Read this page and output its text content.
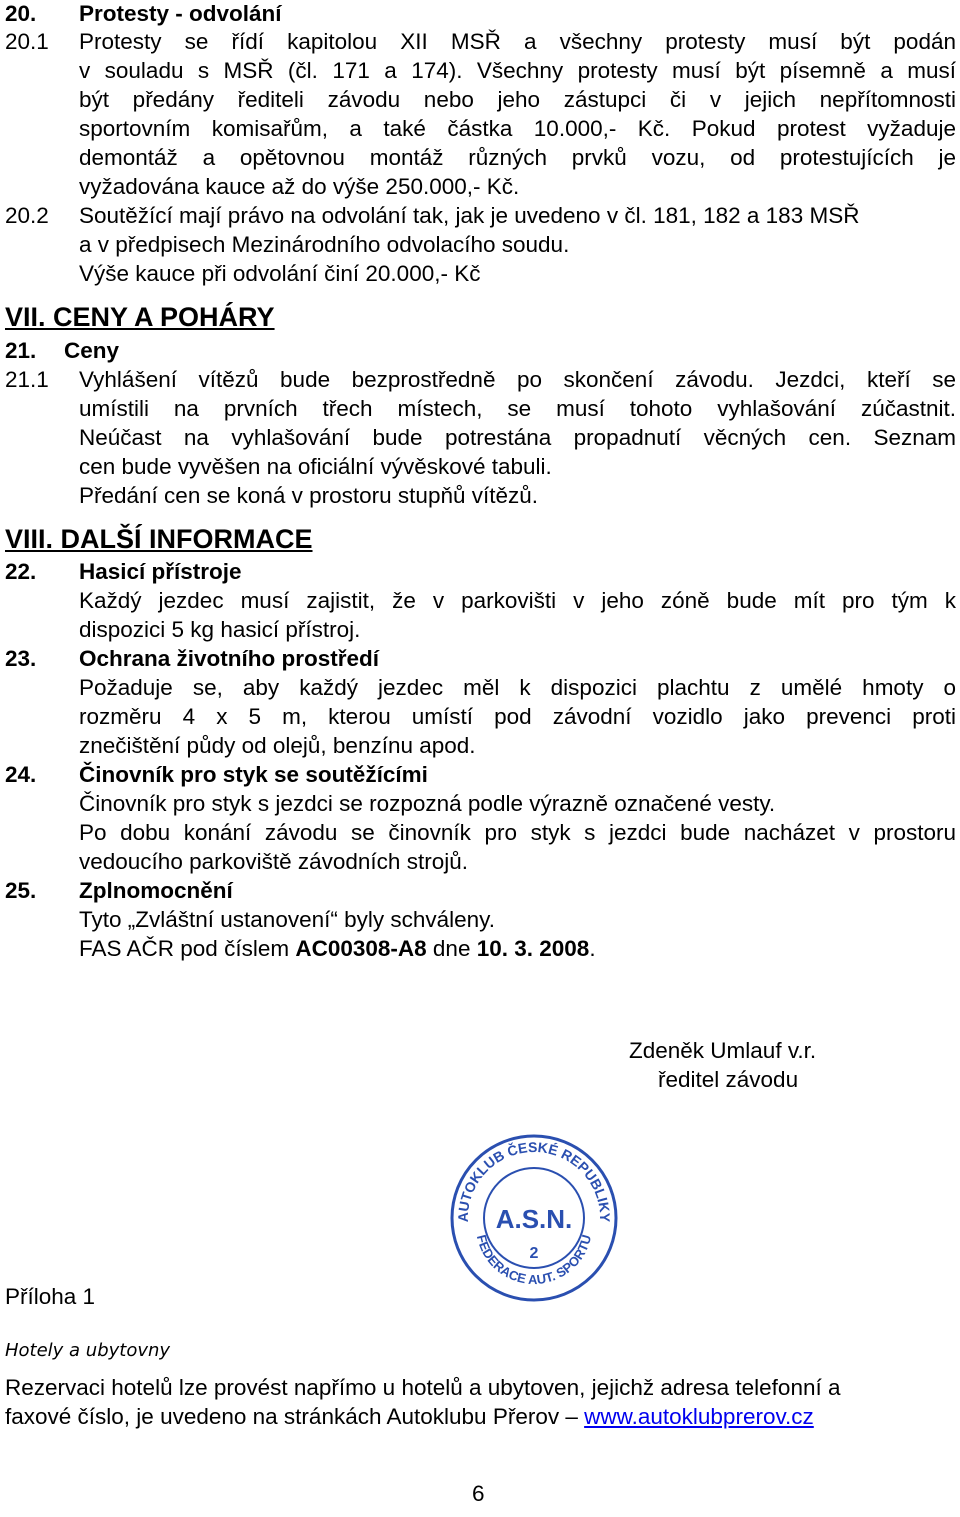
20. Protesty - odvolání
20.1 Protesty se řídí kapitolou XII MSŘ a všechny protesty musí být podán
v souladu s MSŘ (čl. 171 a 174). Všechny protesty musí být písemně a musí
být předány řediteli závodu nebo jeho zástupci či v jejich nepřítomnosti
sportovním komisařům, a také částka 10.000,- Kč. Pokud protest vyžaduje
demontáž a opětovnou montáž různých prvků vozu, od protestujících je
vyžadována kauce až do výše 250.000,- Kč.
20.2 Soutěžící mají právo na odvolání tak, jak je uvedeno v čl. 181, 182 a 183 MSŘ
a v předpisech Mezinárodního odvolacího soudu.
Výše kauce při odvolání činí 20.000,- Kč
VII. CENY A POHÁRY
21. Ceny
21.1 Vyhlášení vítězů bude bezprostředně po skončení závodu. Jezdci, kteří se
umístili na prvních třech místech, se musí tohoto vyhlašování zúčastnit.
Neúčast na vyhlašování bude potrestána propadnutí věcných cen. Seznam
cen bude vyvěšen na oficiální vývěskové tabuli.
Předání cen se koná v prostoru stupňů vítězů.
VIII. DALŠÍ INFORMACE
22. Hasicí přístroje
Každý jezdec musí zajistit, že v parkovišti v jeho zóně bude mít pro tým k
dispozici 5 kg hasicí přístroj.
23. Ochrana životního prostředí
Požaduje se, aby každý jezdec měl k dispozici plachtu z umělé hmoty o
rozměru 4 x 5 m, kterou umístí pod závodní vozidlo jako prevenci proti
znečištění půdy od olejů, benzínu apod.
24. Činovník pro styk se soutěžícími
Činovník pro styk s jezdci se rozpozná podle výrazně označené vesty.
Po dobu konání závodu se činovník pro styk s jezdci bude nacházet v prostoru
vedoucího parkoviště závodních strojů.
25. Zplnomocnění
Tyto „Zvláštní ustanovení“ byly schváleny.
FAS AČR pod číslem AC00308-A8 dne 10. 3. 2008.
Zdeněk Umlauf v.r.
ředitel závodu
AUTOKLUB ČESKÉ REPUBLIKY
FEDERACE AUT. SPORTU
A.S.N.
2
Příloha 1
Hotely a ubytovny
Rezervaci hotelů lze provést napřímo u hotelů a ubytoven, jejichž adresa telefonní a
faxové číslo, je uvedeno na stránkách Autoklubu Přerov – www.autoklubprerov.cz
6
